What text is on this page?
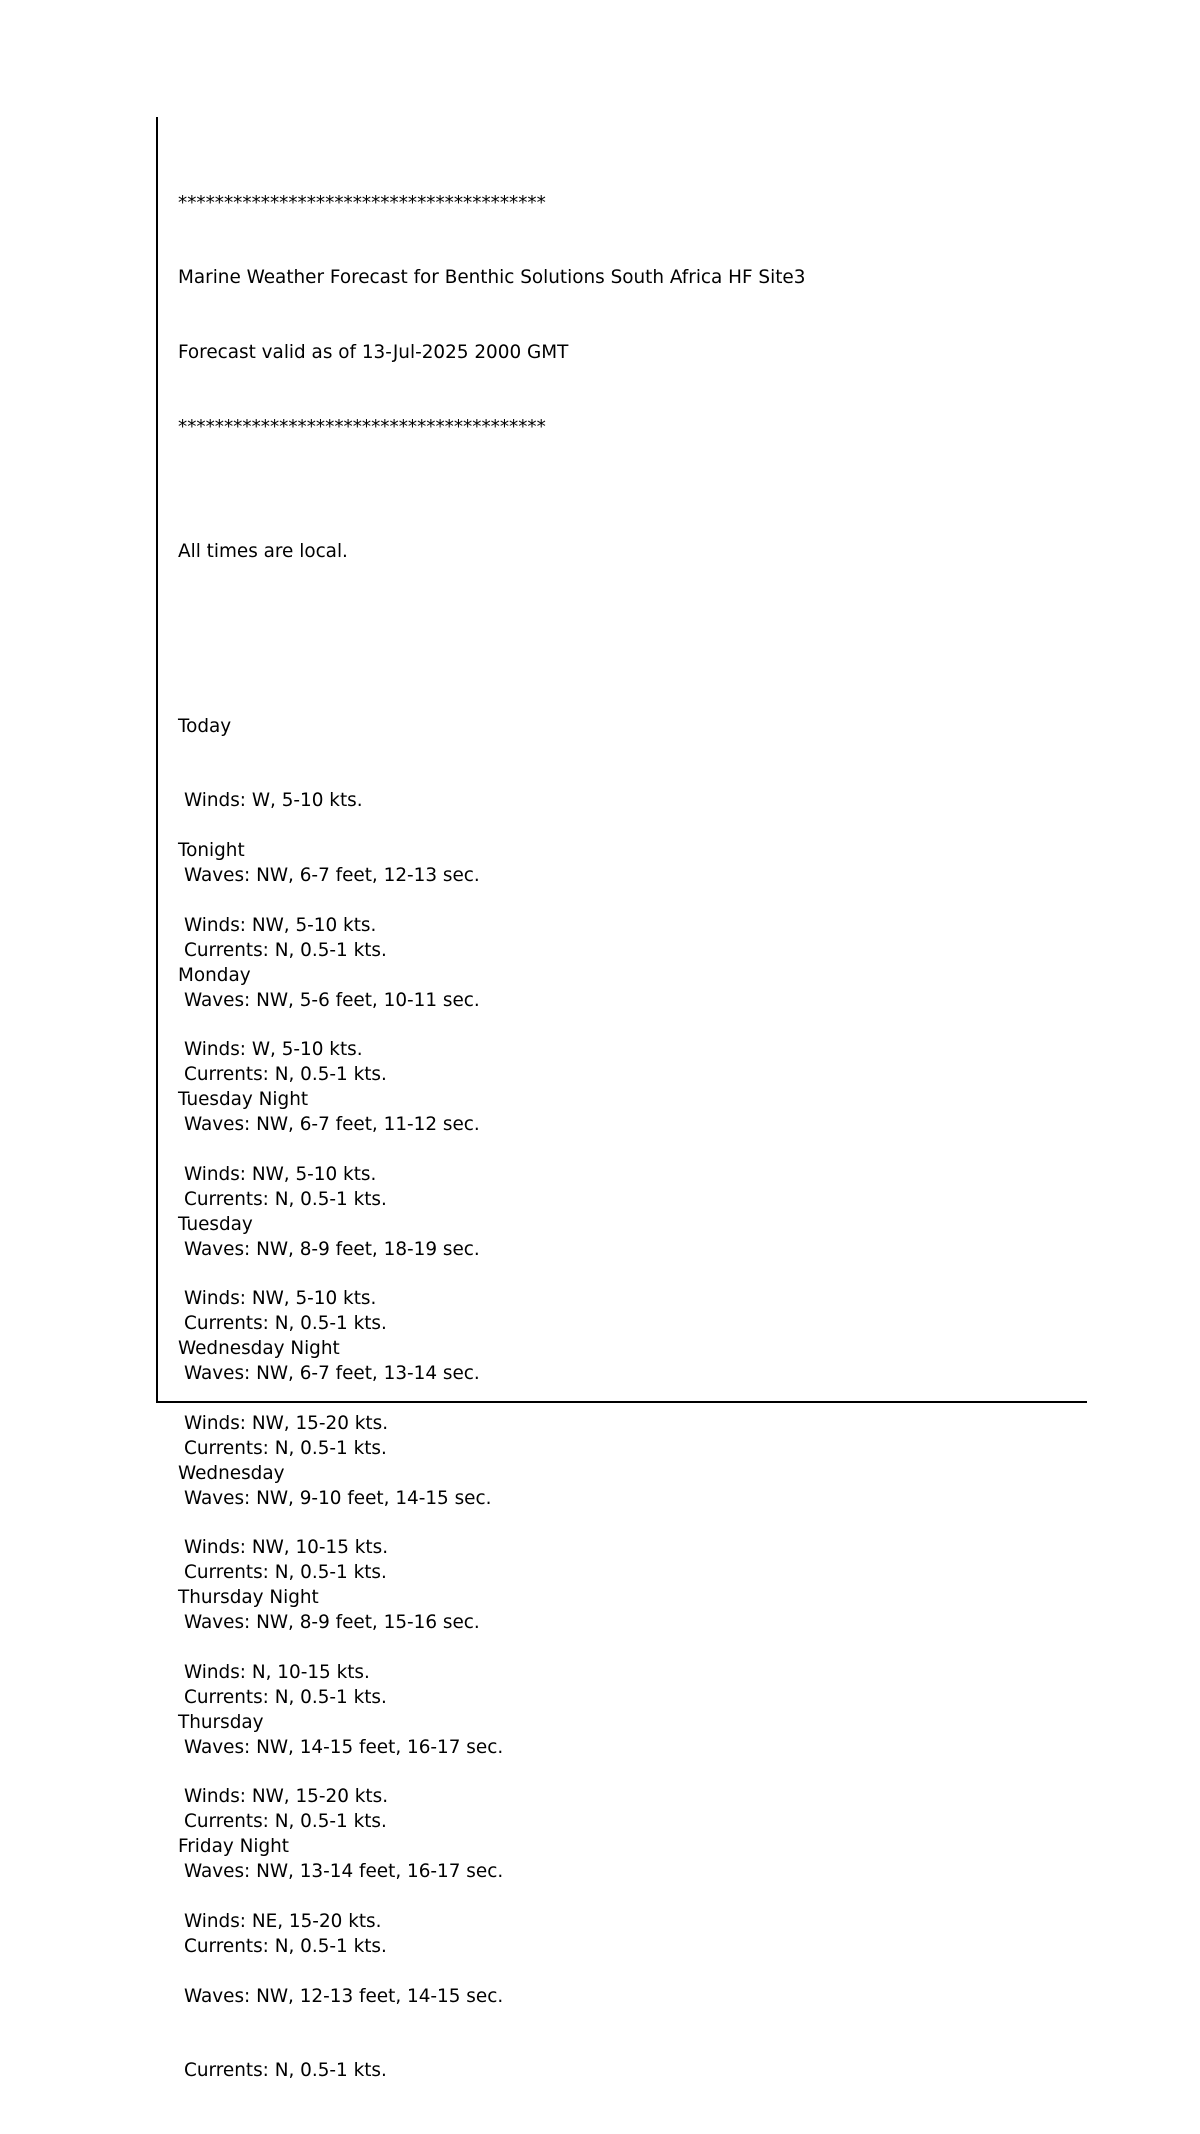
****************************************

Marine Weather Forecast for Benthic Solutions South Africa HF Site3

Forecast valid as of 13-Jul-2025 2000 GMT

****************************************

All times are local.

Today

Winds: W, 5-10 kts.

Waves: NW, 6-7 feet, 12-13 sec.

Currents: N, 0.5-1 kts.

Tonight

Winds: NW, 5-10 kts.

Waves: NW, 5-6 feet, 10-11 sec.

Currents: N, 0.5-1 kts.

Monday

Winds: W, 5-10 kts.

Waves: NW, 6-7 feet, 11-12 sec.

Currents: N, 0.5-1 kts.

Tuesday Night

Winds: NW, 5-10 kts.

Waves: NW, 8-9 feet, 18-19 sec.

Currents: N, 0.5-1 kts.

Tuesday

Winds: NW, 5-10 kts.

Waves: NW, 6-7 feet, 13-14 sec.

Currents: N, 0.5-1 kts.

Wednesday Night

Winds: NW, 15-20 kts.

Waves: NW, 9-10 feet, 14-15 sec.

Currents: N, 0.5-1 kts.

Wednesday

Winds: NW, 10-15 kts.

Waves: NW, 8-9 feet, 15-16 sec.

Currents: N, 0.5-1 kts.

Thursday Night

Winds: N, 10-15 kts.

Waves: NW, 14-15 feet, 16-17 sec.

Currents: N, 0.5-1 kts.

Thursday

Winds: NW, 15-20 kts.

Waves: NW, 13-14 feet, 16-17 sec.

Currents: N, 0.5-1 kts.

Friday Night

Winds: NE, 15-20 kts.

Waves: NW, 12-13 feet, 14-15 sec.

Currents: N, 0.5-1 kts.
